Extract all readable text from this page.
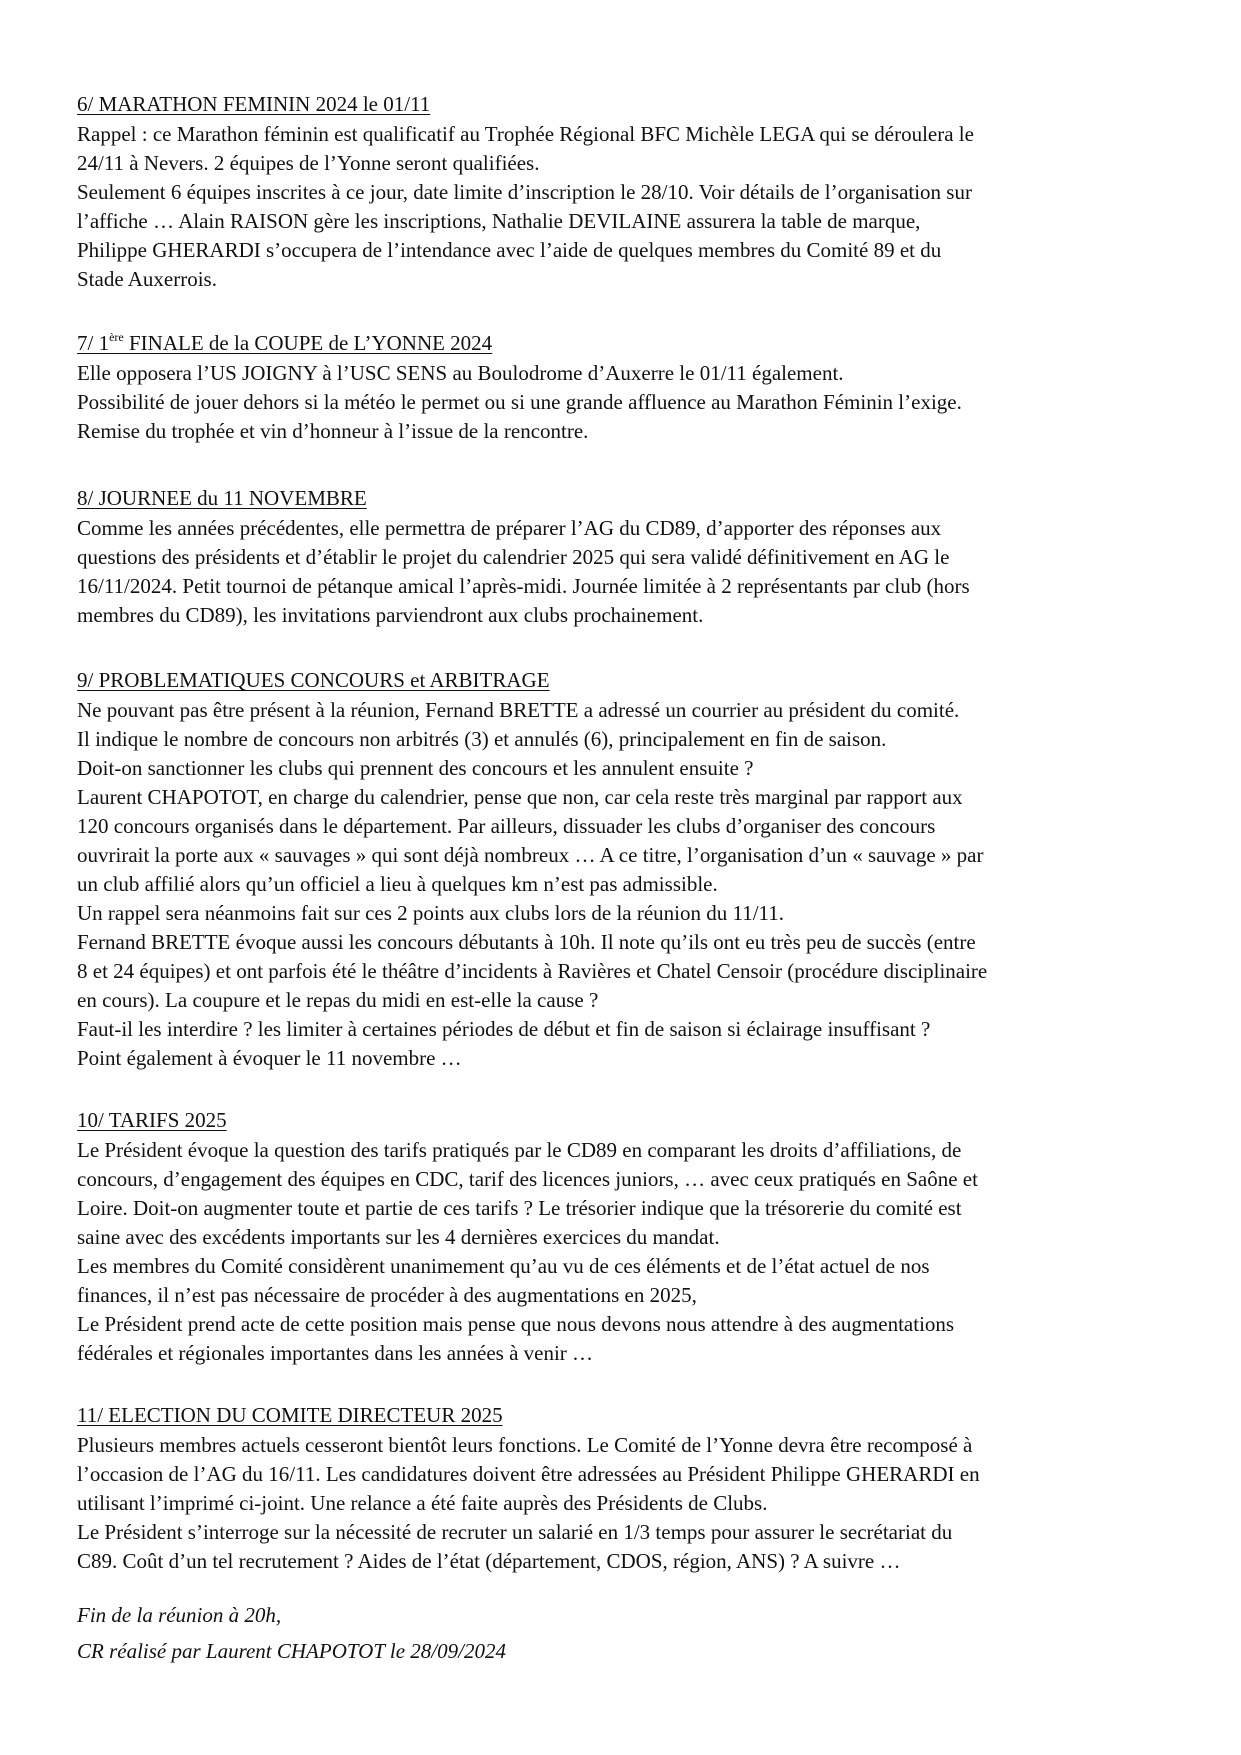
6/ MARATHON FEMININ 2024 le 01/11
Rappel : ce Marathon féminin est qualificatif au Trophée Régional BFC Michèle LEGA qui se déroulera le
24/11 à Nevers. 2 équipes de l’Yonne seront qualifiées.
Seulement 6 équipes inscrites à ce jour, date limite d’inscription le 28/10. Voir détails de l’organisation sur
l’affiche … Alain RAISON gère les inscriptions, Nathalie DEVILAINE assurera la table de marque,
Philippe GHERARDI s’occupera de l’intendance avec l’aide de quelques membres du Comité 89 et du
Stade Auxerrois.
7/ 1ère FINALE de la COUPE de L’YONNE 2024
Elle opposera l’US JOIGNY à l’USC SENS au Boulodrome d’Auxerre le 01/11 également.
Possibilité de jouer dehors si la météo le permet ou si une grande affluence au Marathon Féminin l’exige.
Remise du trophée et vin d’honneur à l’issue de la rencontre.
8/ JOURNEE du 11 NOVEMBRE
Comme les années précédentes, elle permettra de préparer l’AG du CD89, d’apporter des réponses aux
questions des présidents et d’établir le projet du calendrier 2025 qui sera validé définitivement en AG le
16/11/2024. Petit tournoi de pétanque amical l’après-midi. Journée limitée à 2 représentants par club (hors
membres du CD89), les invitations parviendront aux clubs prochainement.
9/ PROBLEMATIQUES CONCOURS et ARBITRAGE
Ne pouvant pas être présent à la réunion, Fernand BRETTE a adressé un courrier au président du comité.
Il indique le nombre de concours non arbitrés (3) et annulés (6), principalement en fin de saison.
Doit-on sanctionner les clubs qui prennent des concours et les annulent ensuite ?
Laurent CHAPOTOT, en charge du calendrier, pense que non, car cela reste très marginal par rapport aux
120 concours organisés dans le département. Par ailleurs, dissuader les clubs d’organiser des concours
ouvrirait la porte aux « sauvages » qui sont déjà nombreux … A ce titre, l’organisation d’un « sauvage » par
un club affilié alors qu’un officiel a lieu à quelques km n’est pas admissible.
Un rappel sera néanmoins fait sur ces 2 points aux clubs lors de la réunion du 11/11.
Fernand BRETTE évoque aussi les concours débutants à 10h. Il note qu’ils ont eu très peu de succès (entre
8 et 24 équipes) et ont parfois été le théâtre d’incidents à Ravières et Chatel Censoir (procédure disciplinaire
en cours). La coupure et le repas du midi en est-elle la cause ?
Faut-il les interdire ? les limiter à certaines périodes de début et fin de saison si éclairage insuffisant ?
Point également à évoquer le 11 novembre …
10/ TARIFS 2025
Le Président évoque la question des tarifs pratiqués par le CD89 en comparant les droits d’affiliations, de
concours, d’engagement des équipes en CDC, tarif des licences juniors, … avec ceux pratiqués en Saône et
Loire. Doit-on augmenter toute et partie de ces tarifs ? Le trésorier indique que la trésorerie du comité est
saine avec des excédents importants sur les 4 dernières exercices du mandat.
Les membres du Comité considèrent unanimement qu’au vu de ces éléments et de l’état actuel de nos
finances, il n’est pas nécessaire de procéder à des augmentations en 2025,
Le Président prend acte de cette position mais pense que nous devons nous attendre à des augmentations
fédérales et régionales importantes dans les années à venir …
11/ ELECTION DU COMITE DIRECTEUR 2025
Plusieurs membres actuels cesseront bientôt leurs fonctions. Le Comité de l’Yonne devra être recomposé à
l’occasion de l’AG du 16/11. Les candidatures doivent être adressées au Président Philippe GHERARDI en
utilisant l’imprimé ci-joint. Une relance a été faite auprès des Présidents de Clubs.
Le Président s’interroge sur la nécessité de recruter un salarié en 1/3 temps pour assurer le secrétariat du
C89. Coût d’un tel recrutement ? Aides de l’état (département, CDOS, région, ANS) ? A suivre …
Fin de la réunion à 20h,
CR réalisé par Laurent CHAPOTOT le 28/09/2024
